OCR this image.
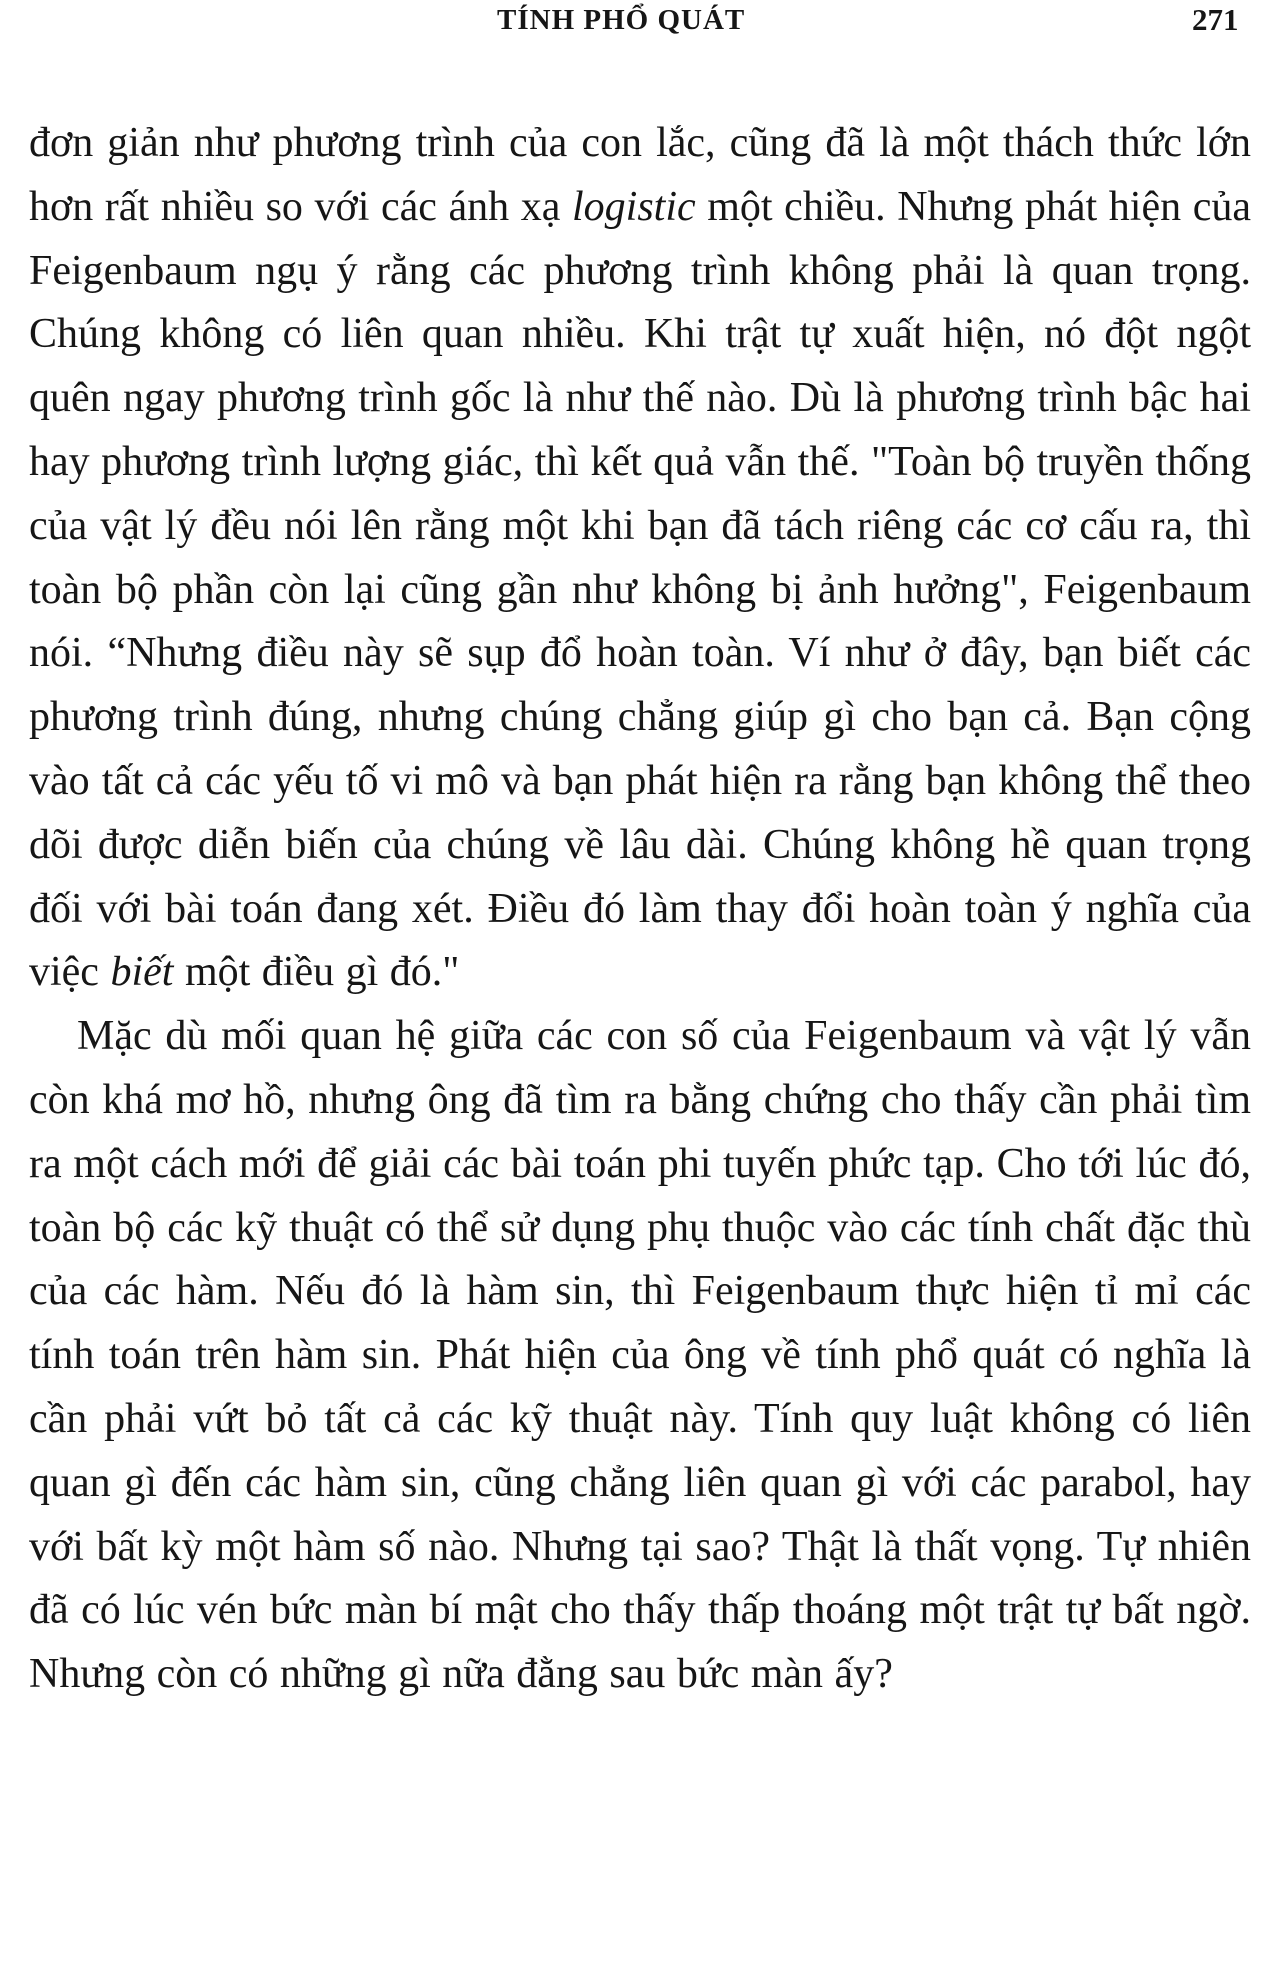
TÍNH PHỔ QUÁT	271

đơn giản như phương trình của con lắc, cũng đã là một thách thức lớn hơn rất nhiều so với các ánh xạ logistic một chiều. Nhưng phát hiện của Feigenbaum ngụ ý rằng các phương trình không phải là quan trọng. Chúng không có liên quan nhiều. Khi trật tự xuất hiện, nó đột ngột quên ngay phương trình gốc là như thế nào. Dù là phương trình bậc hai hay phương trình lượng giác, thì kết quả vẫn thế. "Toàn bộ truyền thống của vật lý đều nói lên rằng một khi bạn đã tách riêng các cơ cấu ra, thì toàn bộ phần còn lại cũng gần như không bị ảnh hưởng", Feigenbaum nói. “Nhưng điều này sẽ sụp đổ hoàn toàn. Ví như ở đây, bạn biết các phương trình đúng, nhưng chúng chẳng giúp gì cho bạn cả. Bạn cộng vào tất cả các yếu tố vi mô và bạn phát hiện ra rằng bạn không thể theo dõi được diễn biến của chúng về lâu dài. Chúng không hề quan trọng đối với bài toán đang xét. Điều đó làm thay đổi hoàn toàn ý nghĩa của việc biết một điều gì đó."

Mặc dù mối quan hệ giữa các con số của Feigenbaum và vật lý vẫn còn khá mơ hồ, nhưng ông đã tìm ra bằng chứng cho thấy cần phải tìm ra một cách mới để giải các bài toán phi tuyến phức tạp. Cho tới lúc đó, toàn bộ các kỹ thuật có thể sử dụng phụ thuộc vào các tính chất đặc thù của các hàm. Nếu đó là hàm sin, thì Feigenbaum thực hiện tỉ mỉ các tính toán trên hàm sin. Phát hiện của ông về tính phổ quát có nghĩa là cần phải vứt bỏ tất cả các kỹ thuật này. Tính quy luật không có liên quan gì đến các hàm sin, cũng chẳng liên quan gì với các parabol, hay với bất kỳ một hàm số nào. Nhưng tại sao? Thật là thất vọng. Tự nhiên đã có lúc vén bức màn bí mật cho thấy thấp thoáng một trật tự bất ngờ. Nhưng còn có những gì nữa đằng sau bức màn ấy?
